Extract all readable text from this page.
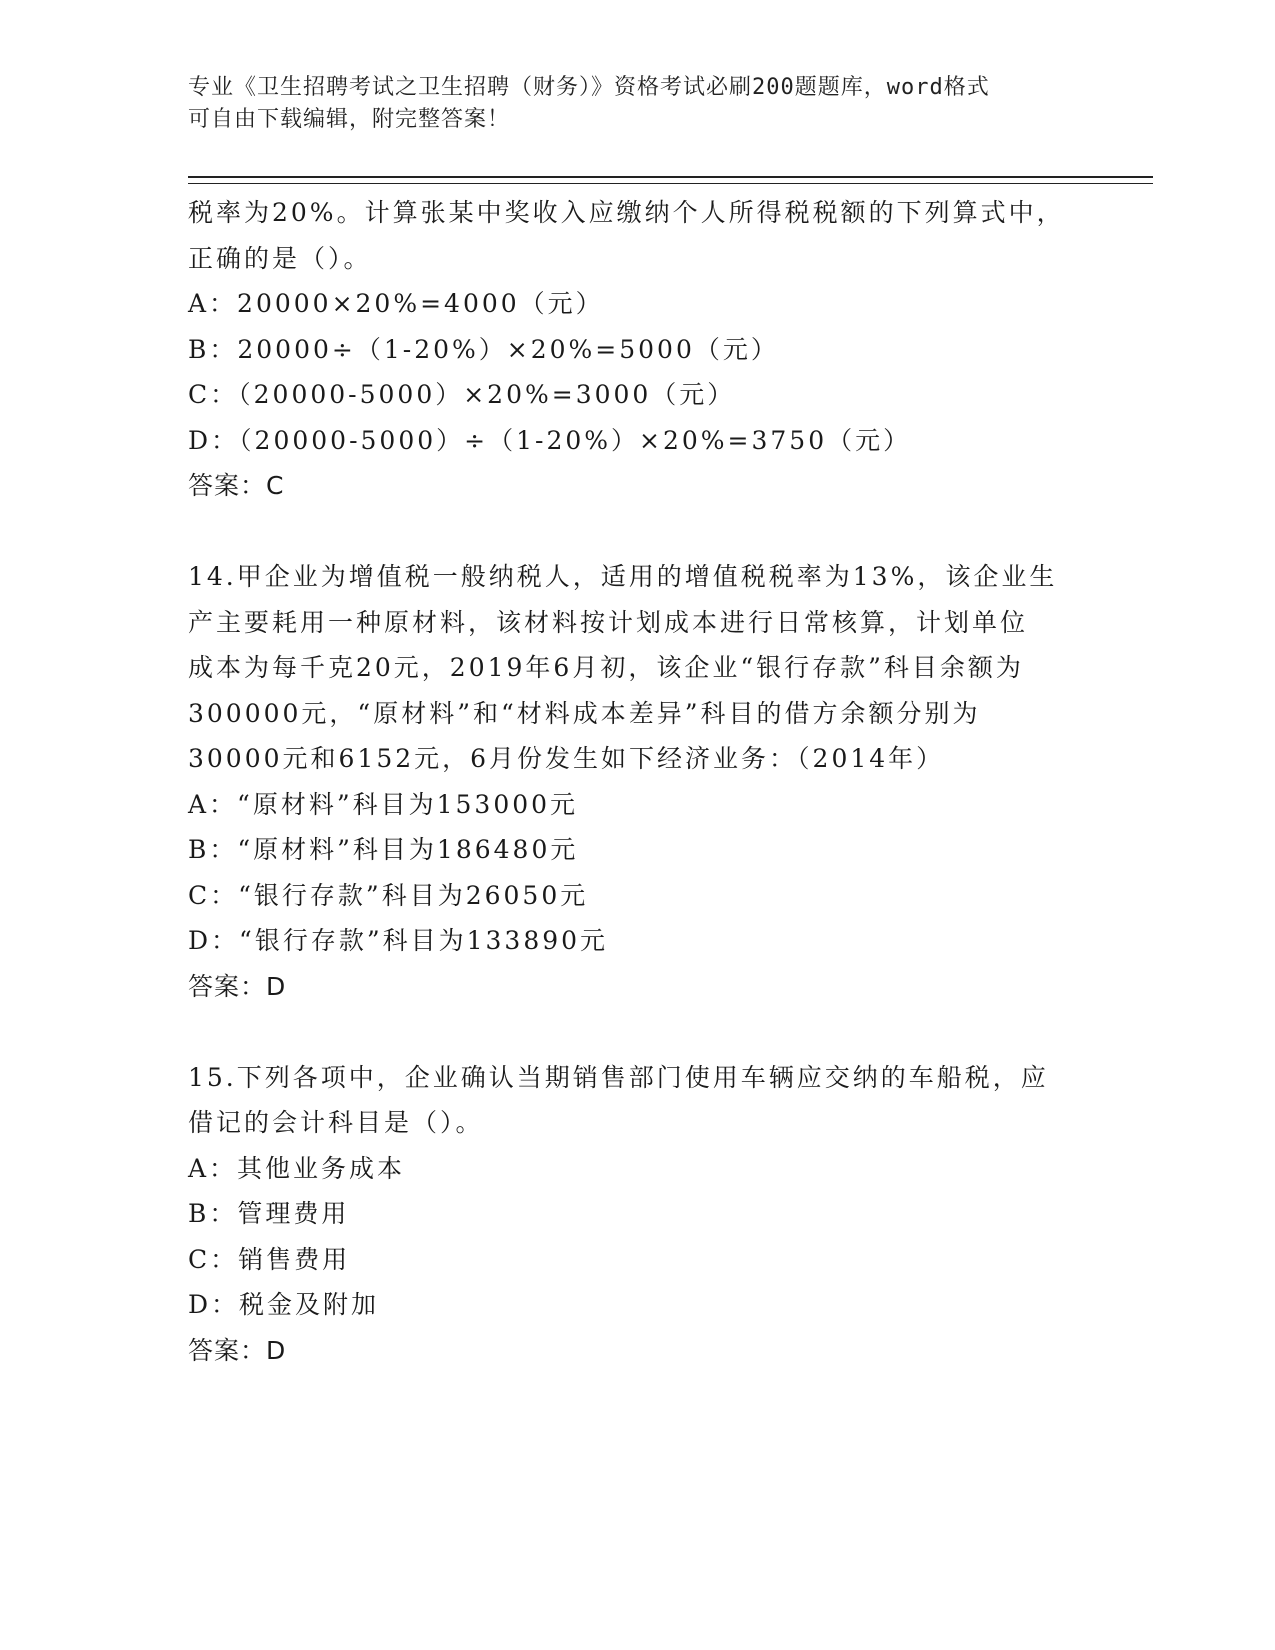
专业《卫生招聘考试之卫生招聘（财务）》资格考试必刷200题题库，word格式
可自由下载编辑，附完整答案！
税率为20%。计算张某中奖收入应缴纳个人所得税税额的下列算式中，
正确的是（）。
A：20000×20%=4000（元）
B：20000÷（1-20%）×20%=5000（元）
C：（20000-5000）×20%=3000（元）
D：（20000-5000）÷（1-20%）×20%=3750（元）
答案：C
14.甲企业为增值税一般纳税人，适用的增值税税率为13%，该企业生
产主要耗用一种原材料，该材料按计划成本进行日常核算，计划单位
成本为每千克20元，2019年6月初，该企业“银行存款”科目余额为
300000元，“原材料”和“材料成本差异”科目的借方余额分别为
30000元和6152元，6月份发生如下经济业务：（2014年）
A：“原材料”科目为153000元
B：“原材料”科目为186480元
C：“银行存款”科目为26050元
D：“银行存款”科目为133890元
答案：D
15.下列各项中，企业确认当期销售部门使用车辆应交纳的车船税，应
借记的会计科目是（）。
A：其他业务成本
B：管理费用
C：销售费用
D：税金及附加
答案：D
